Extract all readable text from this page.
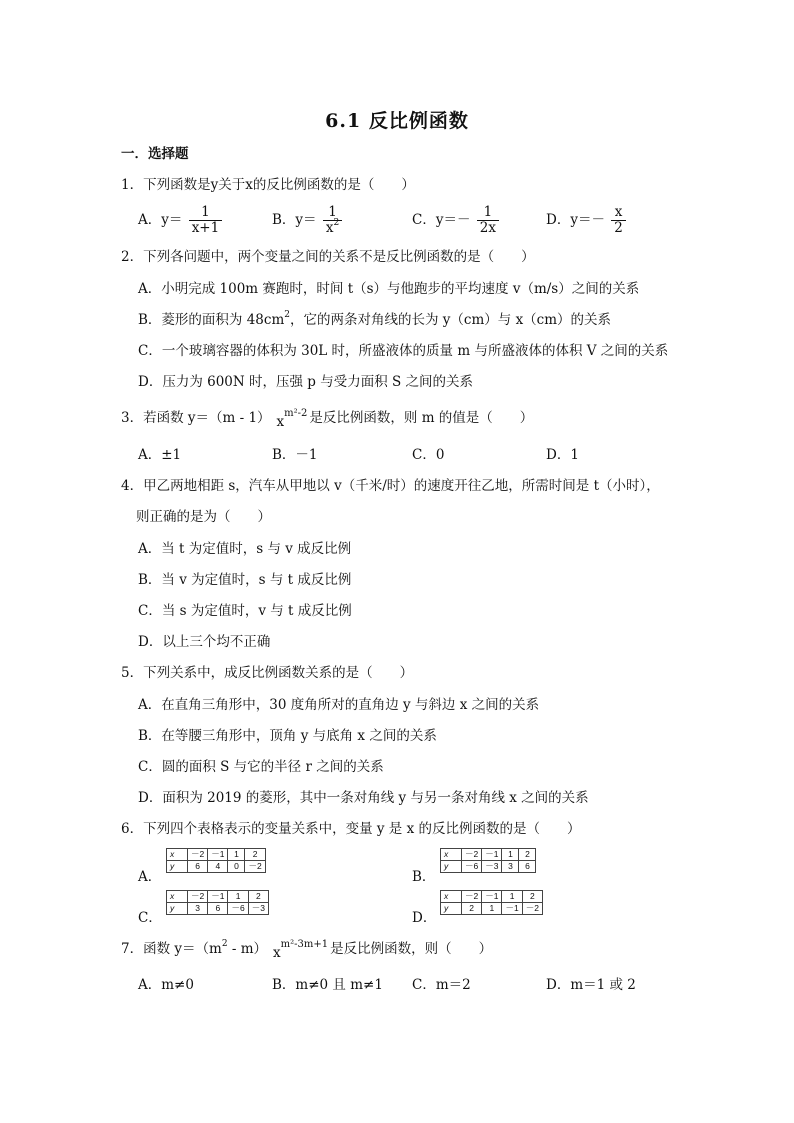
6.1 反比例函数
一．选择题
1．下列函数是y关于x的反比例函数的是（　　）
A．$y= \frac{1}{x+1}$	B．$y= \frac{1}{x^2}$	C．$y=- \frac{1}{2x}$	D．$y=- \frac{x}{2}$
2．下列各问题中，两个变量之间的关系不是反比例函数的是（　　）
A．小明完成 100m 赛跑时，时间 t（s）与他跑步的平均速度 v（m/s）之间的关系
B．菱形的面积为 $48cm^2$，它的两条对角线的长为 y（cm）与 x（cm）的关系
C．一个玻璃容器的体积为 30L 时，所盛液体的质量 m 与所盛液体的体积 V 之间的关系
D．压力为 600N 时，压强 p 与受力面积 S 之间的关系
3．若函数 y＝（m - 1） $x^{m^2-2}$ 是反比例函数，则 m 的值是（　　）
A．±1	B．－1	C．0	D．1
4．甲乙两地相距 s，汽车从甲地以 v（千米/时）的速度开往乙地，所需时间是 t（小时），
则正确的是为（　　）
A．当 t 为定值时，s 与 v 成反比例
B．当 v 为定值时，s 与 t 成反比例
C．当 s 为定值时，v 与 t 成反比例
D．以上三个均不正确
5．下列关系中，成反比例函数关系的是（　　）
A．在直角三角形中，30 度角所对的直角边 y 与斜边 x 之间的关系
B．在等腰三角形中，顶角 y 与底角 x 之间的关系
C．圆的面积 S 与它的半径 r 之间的关系
D．面积为 2019 的菱形，其中一条对角线 y 与另一条对角线 x 之间的关系
6．下列四个表格表示的变量关系中，变量 y 是 x 的反比例函数的是（　　）
A．
x	－2	－1	1	2
y	6	4	0	－2
B．
x	－2	－1	1	2
y	－6	－3	3	6
C．
x	－2	－1	1	2
y	3	6	－6	－3
D．
x	－2	－1	1	2
y	2	1	－1	－2
7．函数 $y=(m^2 - m)$ $x^{m^2-3m+1}$ 是反比例函数，则（　　）
A．m≠0	B．m≠0 且 m≠1 C．m＝2	D．m＝1 或 2
